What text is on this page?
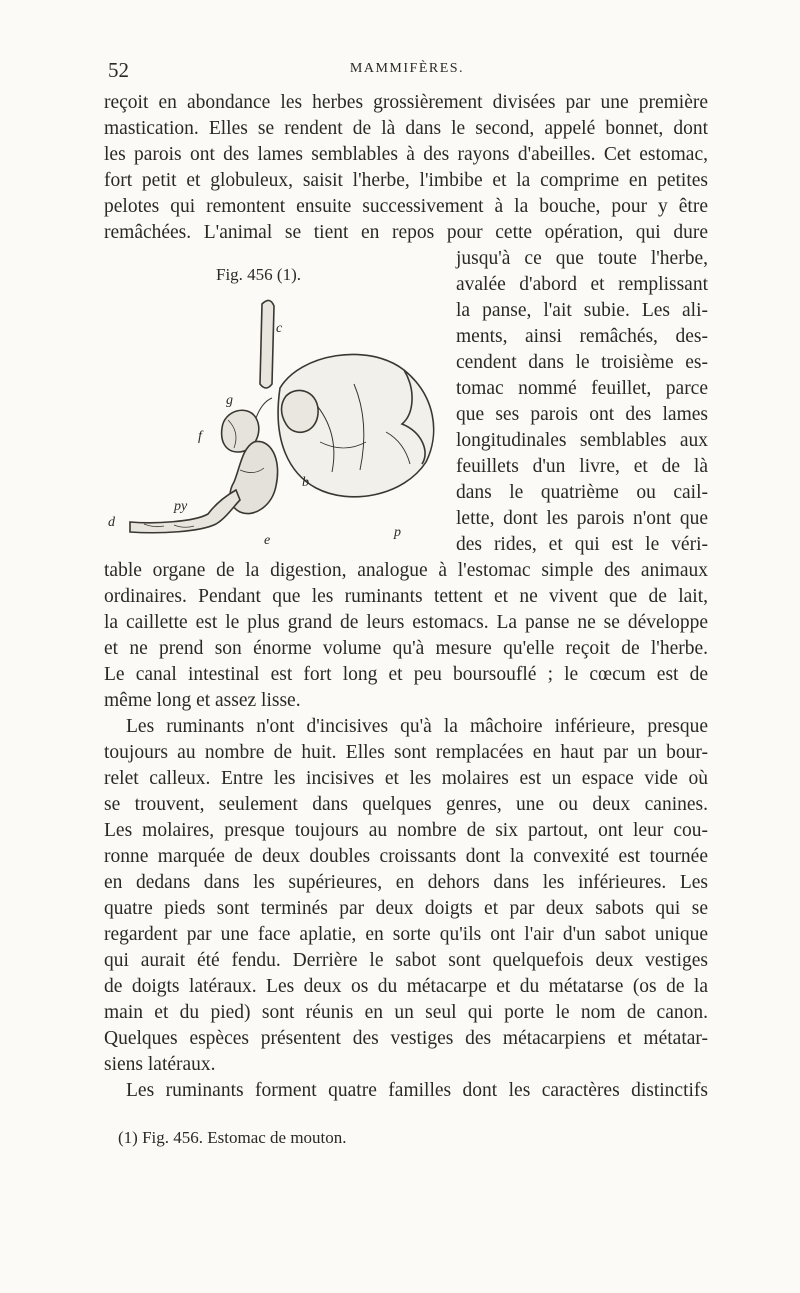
52	MAMMIFÈRES.
reçoit en abondance les herbes grossièrement divisées par une première
mastication. Elles se rendent de là dans le second, appelé bonnet, dont
les parois ont des lames semblables à des rayons d'abeilles. Cet estomac,
fort petit et globuleux, saisit l'herbe, l'imbibe et la comprime en petites
pelotes qui remontent ensuite successivement à la bouche, pour y être
remâchées. L'animal se tient en repos pour cette opération, qui dure
jusqu'à ce que toute l'herbe,
Fig. 456 (1).	avalée d'abord et remplissant
la panse, l'ait subie. Les ali-
ments, ainsi remâchés, des-
cendent dans le troisième es-
tomac nommé feuillet, parce
que ses parois ont des lames
longitudinales semblables aux
feuillets d'un livre, et de là
dans le quatrième ou cail-
lette, dont les parois n'ont que
des rides, et qui est le véri-
c
g
f
b
py
d
e
p
table organe de la digestion, analogue à l'estomac simple des animaux
ordinaires. Pendant que les ruminants tettent et ne vivent que de lait,
la caillette est le plus grand de leurs estomacs. La panse ne se développe
et ne prend son énorme volume qu'à mesure qu'elle reçoit de l'herbe.
Le canal intestinal est fort long et peu boursouflé ; le cœcum est de
même long et assez lisse.
Les ruminants n'ont d'incisives qu'à la mâchoire inférieure, presque
toujours au nombre de huit. Elles sont remplacées en haut par un bour-
relet calleux. Entre les incisives et les molaires est un espace vide où
se trouvent, seulement dans quelques genres, une ou deux canines.
Les molaires, presque toujours au nombre de six partout, ont leur cou-
ronne marquée de deux doubles croissants dont la convexité est tournée
en dedans dans les supérieures, en dehors dans les inférieures. Les
quatre pieds sont terminés par deux doigts et par deux sabots qui se
regardent par une face aplatie, en sorte qu'ils ont l'air d'un sabot unique
qui aurait été fendu. Derrière le sabot sont quelquefois deux vestiges
de doigts latéraux. Les deux os du métacarpe et du métatarse (os de la
main et du pied) sont réunis en un seul qui porte le nom de canon.
Quelques espèces présentent des vestiges des métacarpiens et métatar-
siens latéraux.
Les ruminants forment quatre familles dont les caractères distinctifs
(1) Fig. 456. Estomac de mouton.
